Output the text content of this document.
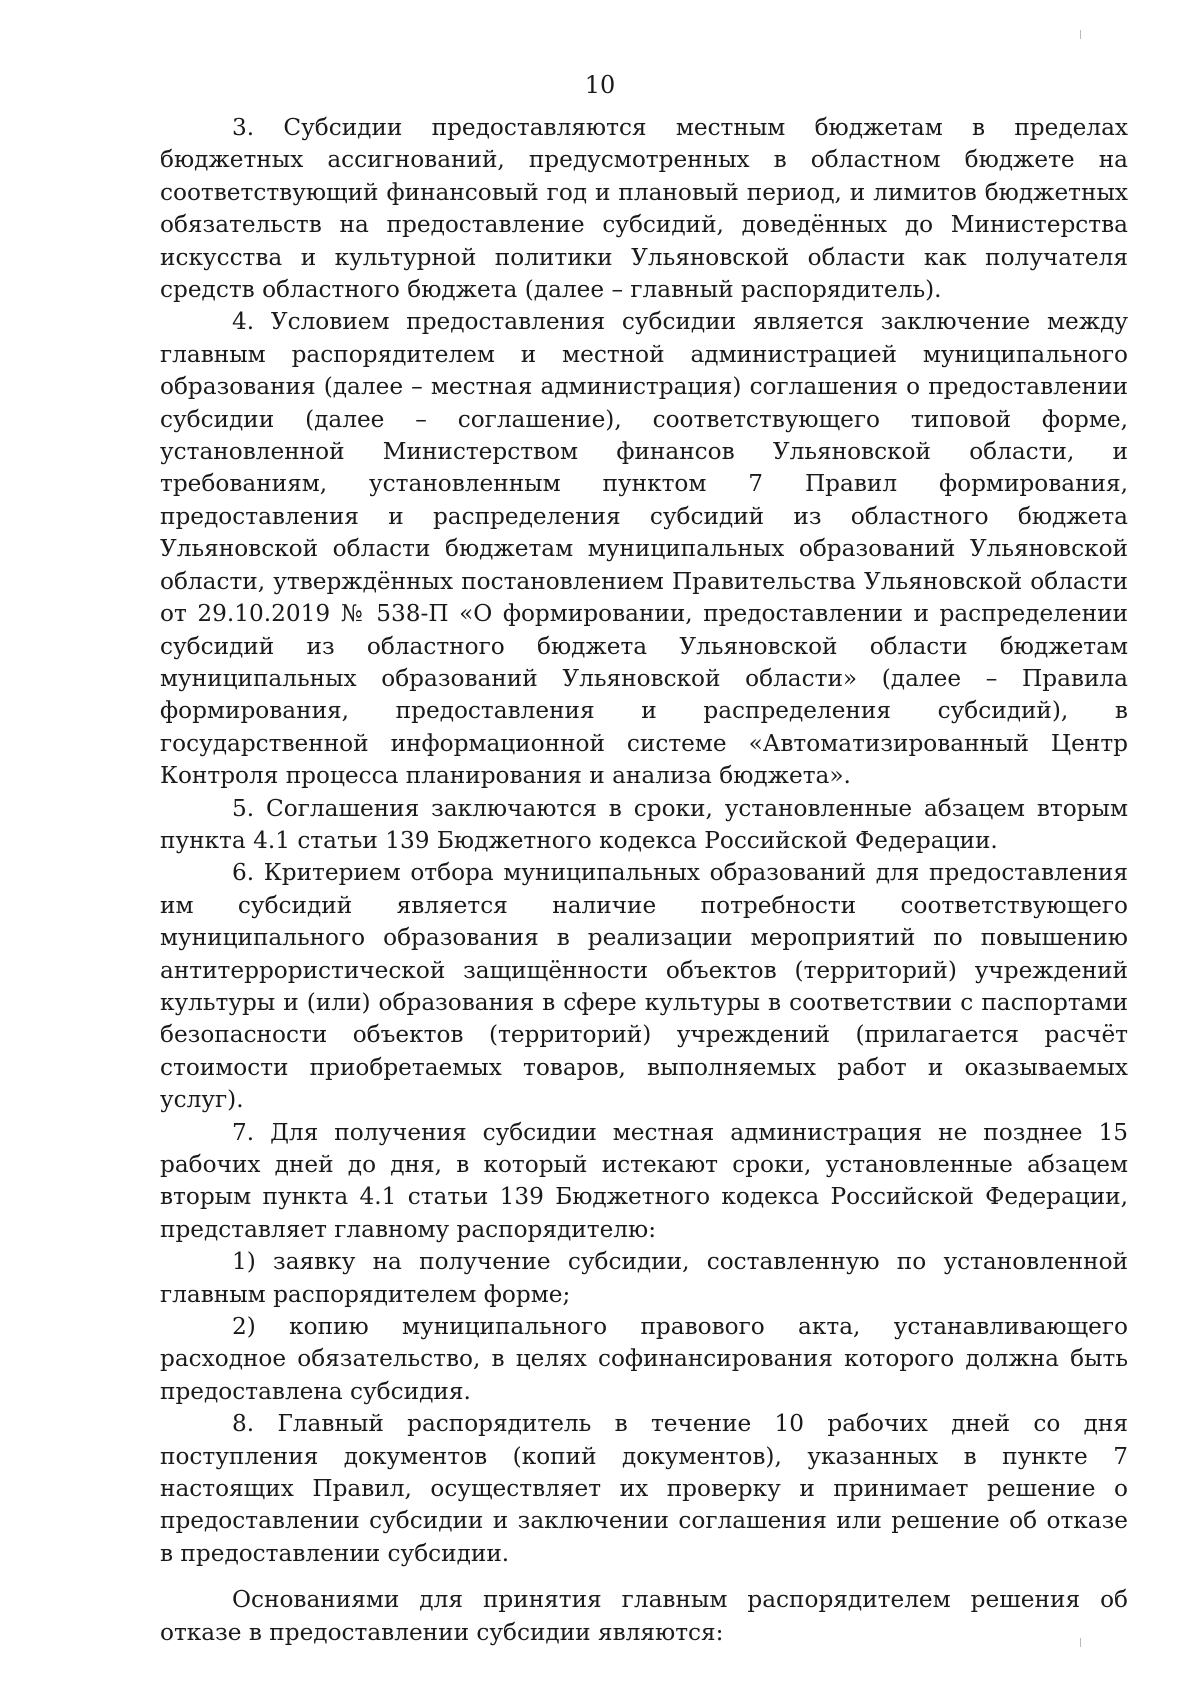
10

3. Субсидии предоставляются местным бюджетам в пределах бюджетных ассигнований, предусмотренных в областном бюджете на соответствующий финансовый год и плановый период, и лимитов бюджетных обязательств на предоставление субсидий, доведённых до Министерства искусства и культурной политики Ульяновской области как получателя средств областного бюджета (далее – главный распорядитель).

4. Условием предоставления субсидии является заключение между главным распорядителем и местной администрацией муниципального образования (далее – местная администрация) соглашения о предоставлении субсидии (далее – соглашение), соответствующего типовой форме, установленной Министерством финансов Ульяновской области, и требованиям, установленным пунктом 7 Правил формирования, предоставления и распределения субсидий из областного бюджета Ульяновской области бюджетам муниципальных образований Ульяновской области, утверждённых постановлением Правительства Ульяновской области от 29.10.2019 № 538-П «О формировании, предоставлении и распределении субсидий из областного бюджета Ульяновской области бюджетам муниципальных образований Ульяновской области» (далее – Правила формирования, предоставления и распределения субсидий), в государственной информационной системе «Автоматизированный Центр Контроля процесса планирования и анализа бюджета».

5. Соглашения заключаются в сроки, установленные абзацем вторым пункта 4.1 статьи 139 Бюджетного кодекса Российской Федерации.

6. Критерием отбора муниципальных образований для предоставления им субсидий является наличие потребности соответствующего муниципального образования в реализации мероприятий по повышению антитеррористической защищённости объектов (территорий) учреждений культуры и (или) образования в сфере культуры в соответствии с паспортами безопасности объектов (территорий) учреждений (прилагается расчёт стоимости приобретаемых товаров, выполняемых работ и оказываемых услуг).

7. Для получения субсидии местная администрация не позднее 15 рабочих дней до дня, в который истекают сроки, установленные абзацем вторым пункта 4.1 статьи 139 Бюджетного кодекса Российской Федерации, представляет главному распорядителю:

1) заявку на получение субсидии, составленную по установленной главным распорядителем форме;

2) копию муниципального правового акта, устанавливающего расходное обязательство, в целях софинансирования которого должна быть предоставлена субсидия.

8. Главный распорядитель в течение 10 рабочих дней со дня поступления документов (копий документов), указанных в пункте 7 настоящих Правил, осуществляет их проверку и принимает решение о предоставлении субсидии и заключении соглашения или решение об отказе в предоставлении субсидии.

Основаниями для принятия главным распорядителем решения об отказе в предоставлении субсидии являются:
